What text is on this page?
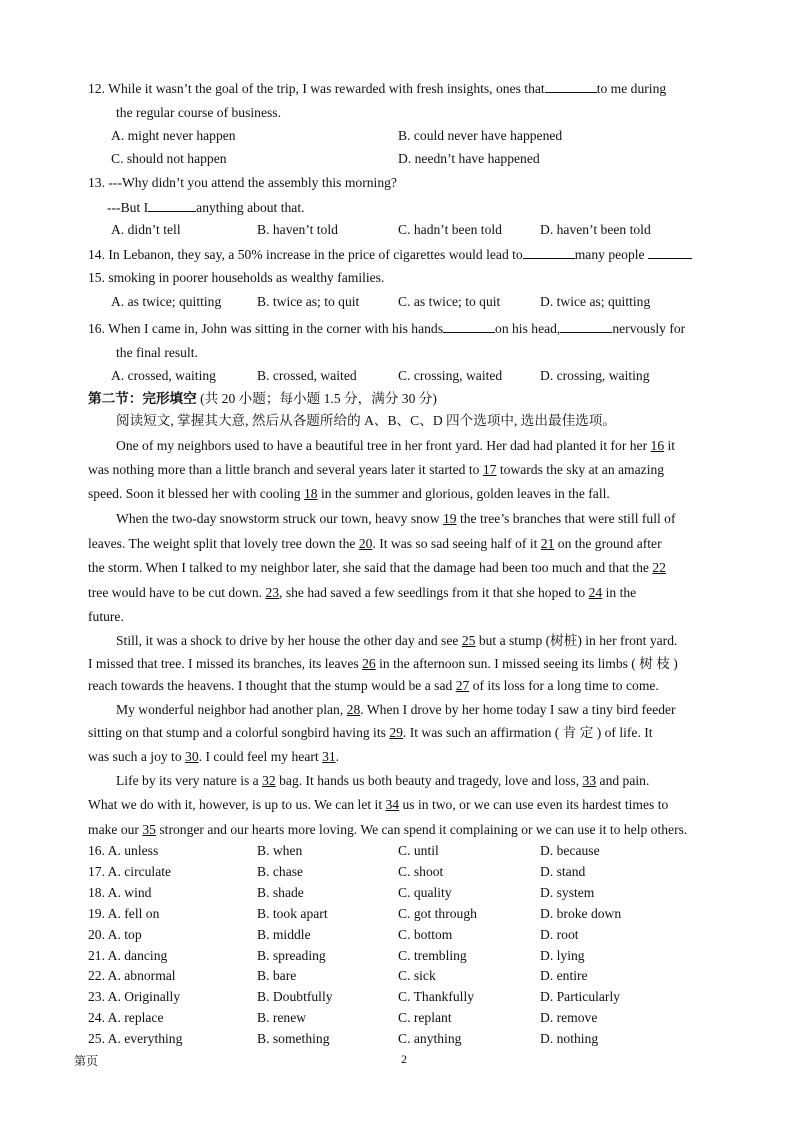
12. While it wasn’t the goal of the trip, I was rewarded with fresh insights, ones that	to me during
the regular course of business.
A. might never happen	B. could never have happened
C. should not happen	D. needn’t have happened
13. ---Why didn’t you attend the assembly this morning?
---But I	anything about that.
A. didn’t tell	B. haven’t told	C. hadn’t been told	D. haven’t been told
14. In Lebanon, they say, a 50% increase in the price of cigarettes would lead to	many people
15. smoking in poorer households as wealthy families.
A. as twice; quitting	B. twice as; to quit	C. as twice; to quit	D. twice as; quitting
16. When I came in, John was sitting in the corner with his hands	on his head,	nervously for
the final result.
A. crossed, waiting	B. crossed, waited	C. crossing, waited	D. crossing, waiting
第二节：完形填空 (共 20 小题；每小题 1.5 分，满分 30 分)
阅读短文, 掌握其大意, 然后从各题所给的 A、B、C、D 四个选项中, 选出最佳选项。
One of my neighbors used to have a beautiful tree in her front yard. Her dad had planted it for her 16 it
was nothing more than a little branch and several years later it started to 17 towards the sky at an amazing
speed. Soon it blessed her with cooling 18 in the summer and glorious, golden leaves in the fall.
When the two-day snowstorm struck our town, heavy snow 19 the tree’s branches that were still full of
leaves. The weight split that lovely tree down the 20. It was so sad seeing half of it 21 on the ground after
the storm. When I talked to my neighbor later, she said that the damage had been too much and that the 22
tree would have to be cut down. 23, she had saved a few seedlings from it that she hoped to 24 in the
future.
Still, it was a shock to drive by her house the other day and see 25 but a stump (树桩) in her front yard.
I missed that tree. I missed its branches, its leaves 26 in the afternoon sun. I missed seeing its limbs ( 树 枝 )
reach towards the heavens. I thought that the stump would be a sad 27 of its loss for a long time to come.
My wonderful neighbor had another plan, 28. When I drove by her home today I saw a tiny bird feeder
sitting on that stump and a colorful songbird having its 29. It was such an affirmation ( 肯 定 ) of life. It
was such a joy to 30. I could feel my heart 31.
Life by its very nature is a 32 bag. It hands us both beauty and tragedy, love and loss, 33 and pain.
What we do with it, however, is up to us. We can let it 34 us in two, or we can use even its hardest times to
make our 35 stronger and our hearts more loving. We can spend it complaining or we can use it to help others.
16. A. unless	B. when	C. until	D. because
17. A. circulate	B. chase	C. shoot	D. stand
18. A. wind	B. shade	C. quality	D. system
19. A. fell on	B. took apart	C. got through	D. broke down
20. A. top	B. middle	C. bottom	D. root
21. A. dancing	B. spreading	C. trembling	D. lying
22. A. abnormal	B. bare	C. sick	D. entire
23. A. Originally	B. Doubtfully	C. Thankfully	D. Particularly
24. A. replace	B. renew	C. replant	D. remove
25. A. everything	B. something	C. anything	D. nothing
第页	2
